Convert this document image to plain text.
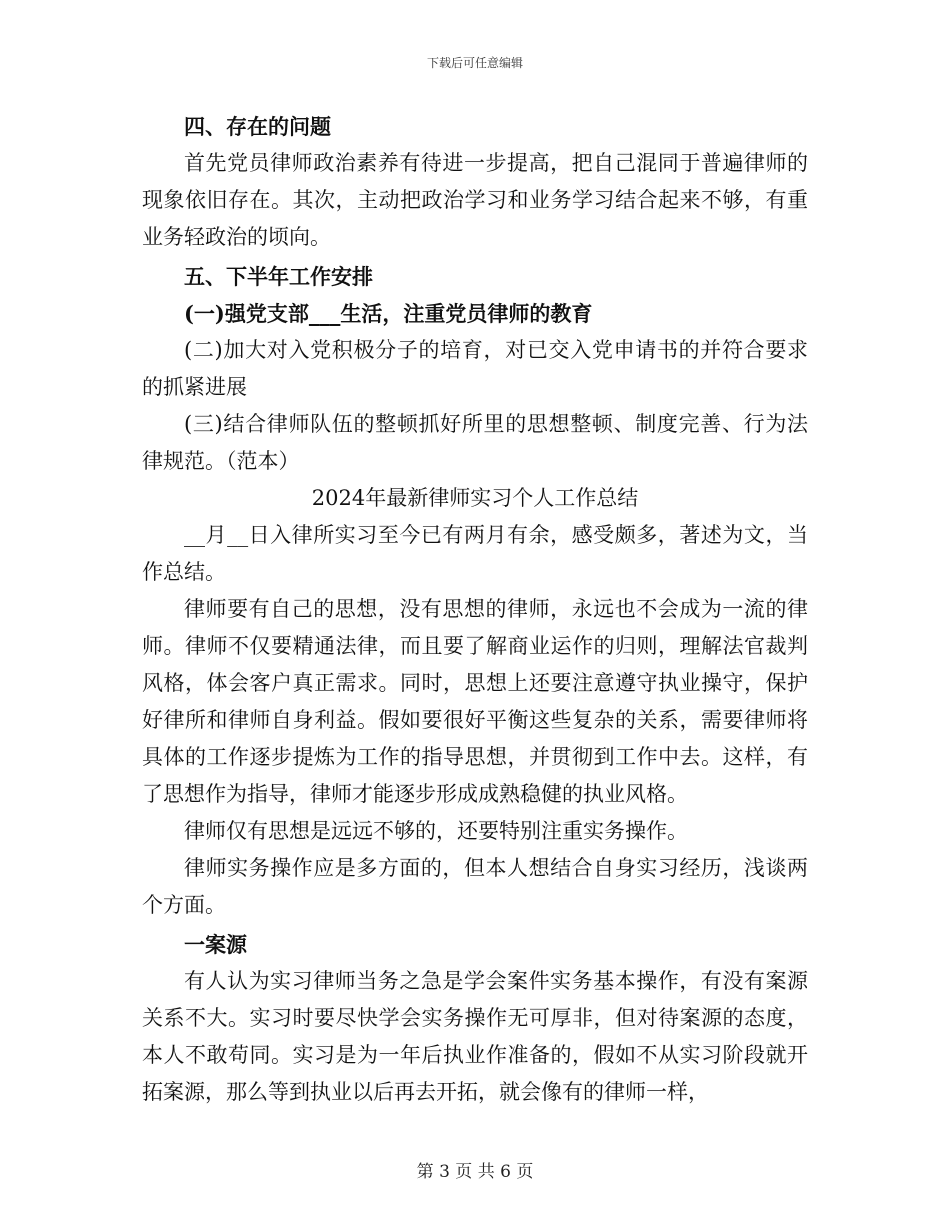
下载后可任意编辑

四、存在的问题

首先党员律师政治素养有待进一步提高，把自己混同于普遍律师的现象依旧存在。其次，主动把政治学习和业务学习结合起来不够，有重业务轻政治的顷向。

五、下半年工作安排

(一)强党支部___生活，注重党员律师的教育

(二)加大对入党积极分子的培育，对已交入党申请书的并符合要求的抓紧进展

(三)结合律师队伍的整顿抓好所里的思想整顿、制度完善、行为法律规范。（范本）

2024年最新律师实习个人工作总结

__月__日入律所实习至今已有两月有余，感受颇多，著述为文，当作总结。

律师要有自己的思想，没有思想的律师，永远也不会成为一流的律师。律师不仅要精通法律，而且要了解商业运作的归则，理解法官裁判风格，体会客户真正需求。同时，思想上还要注意遵守执业操守，保护好律所和律师自身利益。假如要很好平衡这些复杂的关系，需要律师将具体的工作逐步提炼为工作的指导思想，并贯彻到工作中去。这样，有了思想作为指导，律师才能逐步形成成熟稳健的执业风格。

律师仅有思想是远远不够的，还要特别注重实务操作。

律师实务操作应是多方面的，但本人想结合自身实习经历，浅谈两个方面。

一案源

有人认为实习律师当务之急是学会案件实务基本操作，有没有案源关系不大。实习时要尽快学会实务操作无可厚非，但对待案源的态度，本人不敢苟同。实习是为一年后执业作准备的，假如不从实习阶段就开拓案源，那么等到执业以后再去开拓，就会像有的律师一样，

第 3 页 共 6 页
